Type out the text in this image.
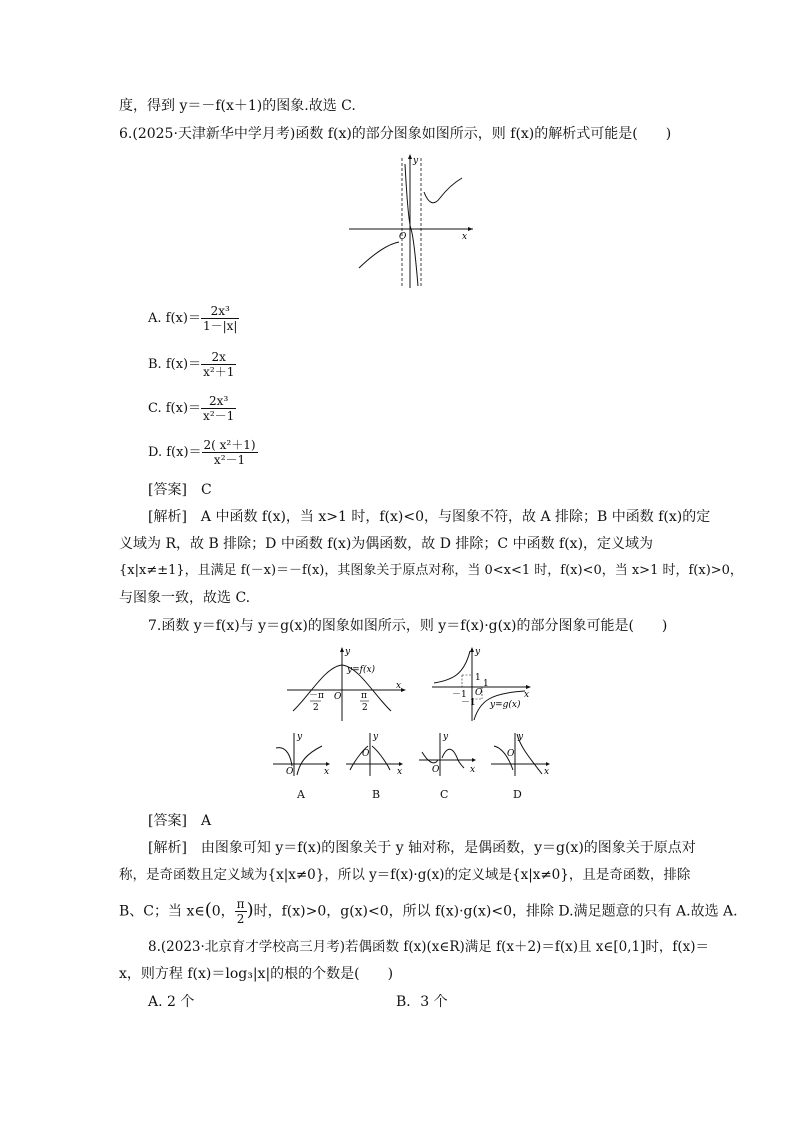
度，得到 y＝－f(x＋1)的图象.故选 C.
6.(2025·天津新华中学月考)函数 f(x)的部分图象如图所示，则 f(x)的解析式可能是(　　)
y
x
O
A. $f(x)= \frac{\text{2x³}}{1-|x|}$
B. $f(x)= \frac{2x}{\text{x²＋1}}$
C. $f(x)= \frac{\text{2x³}}{\text{x²－1}}$
D. $f(x)= \frac{\text{2( x²＋1)}}{\text{x²－1}}$
[答案]　 C
[解析]　A 中函数 f(x)，当 x>1 时，f(x)<0，与图象不符，故 A 排除；B 中函数 f(x)的定
义域为 R，故 B 排除；D 中函数 f(x)为偶函数，故 D 排除；C 中函数 f(x)，定义域为
{x|x≠±1}，且满足 f(－x)＝－f(x)，其图象关于原点对称，当 0<x<1 时，f(x)<0，当 x>1 时，f(x)>0，
与图象一致，故选 C.
7.函数 y＝f(x)与 y＝g(x)的图象如图所示，则 y＝f(x)·g(x)的部分图象可能是(　　)
y
x
O
y=f(x)
－π
2
π
2
y
x
O
1
－1
1
－1 y=g(x)
y
x
O
y
x
O
y
x
O
y
x
O
A	B	C	D
[答案]　 A
[解析]　由图象可知 y＝f(x)的图象关于 y 轴对称，是偶函数，y＝g(x)的图象关于原点对
称，是奇函数且定义域为{x|x≠0}，所以 y＝f(x)·g(x)的定义域是{x|x≠0}，且是奇函数，排除
B、C；当 x∈(0， $\frac{\pi}{2}$ )时，f(x)>0，g(x)<0，所以 f(x)·g(x)<0，排除 D.满足题意的只有 A.故选 A.
8.(2023·北京育才学校高三月考)若偶函数 f(x)(x∈R)满足 f(x＋2)＝f(x)且 x∈[0,1]时，f(x)＝
x，则方程 f(x)＝log₃|x|的根的个数是(　　)
A. 2 个	B．3 个
